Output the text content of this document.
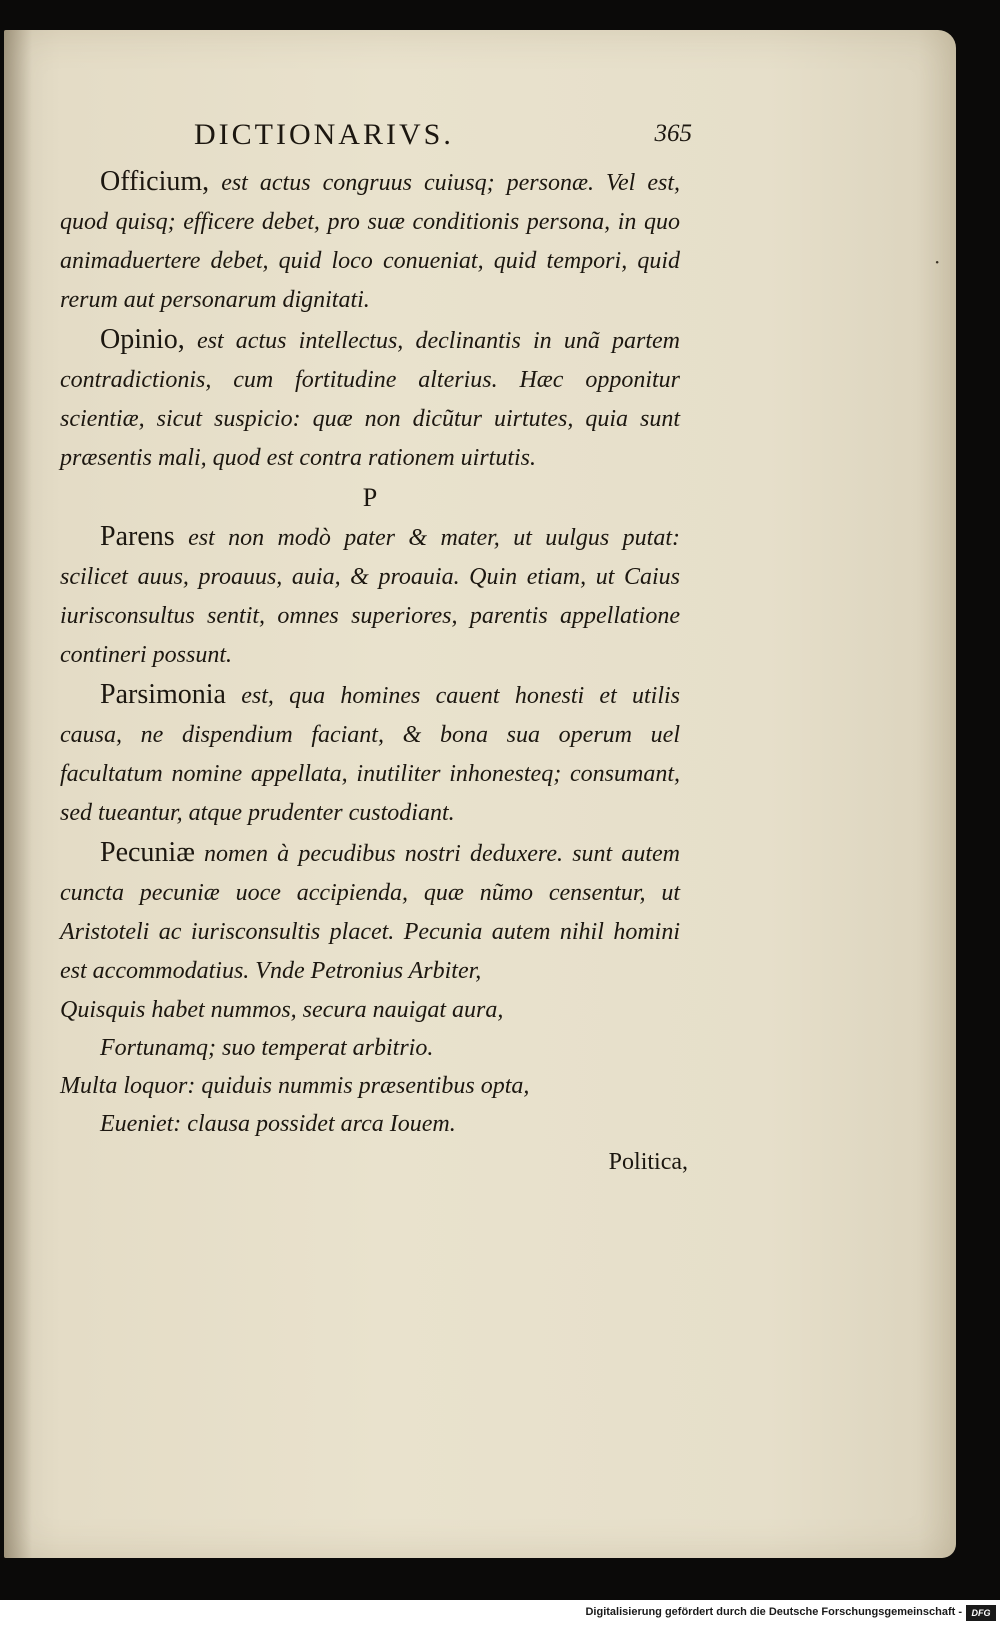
DICTIONARIVS.	365

Officium, est actus congruus cuiusq; personæ. Vel est, quod quisq; efficere debet, pro suæ conditionis persona, in quo animaduertere debet, quid loco conueniat, quid tempori, quid rerum aut personarum dignitati.

Opinio, est actus intellectus, declinantis in unã partem contradictionis, cum fortitudine alterius. Hæc opponitur scientiæ, sicut suspicio: quæ non dicũtur uirtutes, quia sunt præsentis mali, quod est contra rationem uirtutis.

P

Parens est non modò pater & mater, ut uulgus putat: scilicet auus, proauus, auia, & proauia. Quin etiam, ut Caius iurisconsultus sentit, omnes superiores, parentis appellatione contineri possunt.

Parsimonia est, qua homines cauent honesti et utilis causa, ne dispendium faciant, & bona sua operum uel facultatum nomine appellata, inutiliter inhonesteq; consumant, sed tueantur, atque prudenter custodiant.

Pecuniæ nomen à pecudibus nostri deduxere. sunt autem cuncta pecuniæ uoce accipienda, quæ nũmo censentur, ut Aristoteli ac iurisconsultis placet. Pecunia autem nihil homini est accommodatius. Vnde Petronius Arbiter,

Quisquis habet nummos, secura nauigat aura,

Fortunamq; suo temperat arbitrio.

Multa loquor: quiduis nummis præsentibus opta,

Eueniet: clausa possidet arca Iouem.

Politica,

·
Digitalisierung gefördert durch die Deutsche Forschungsgemeinschaft -	DFG
